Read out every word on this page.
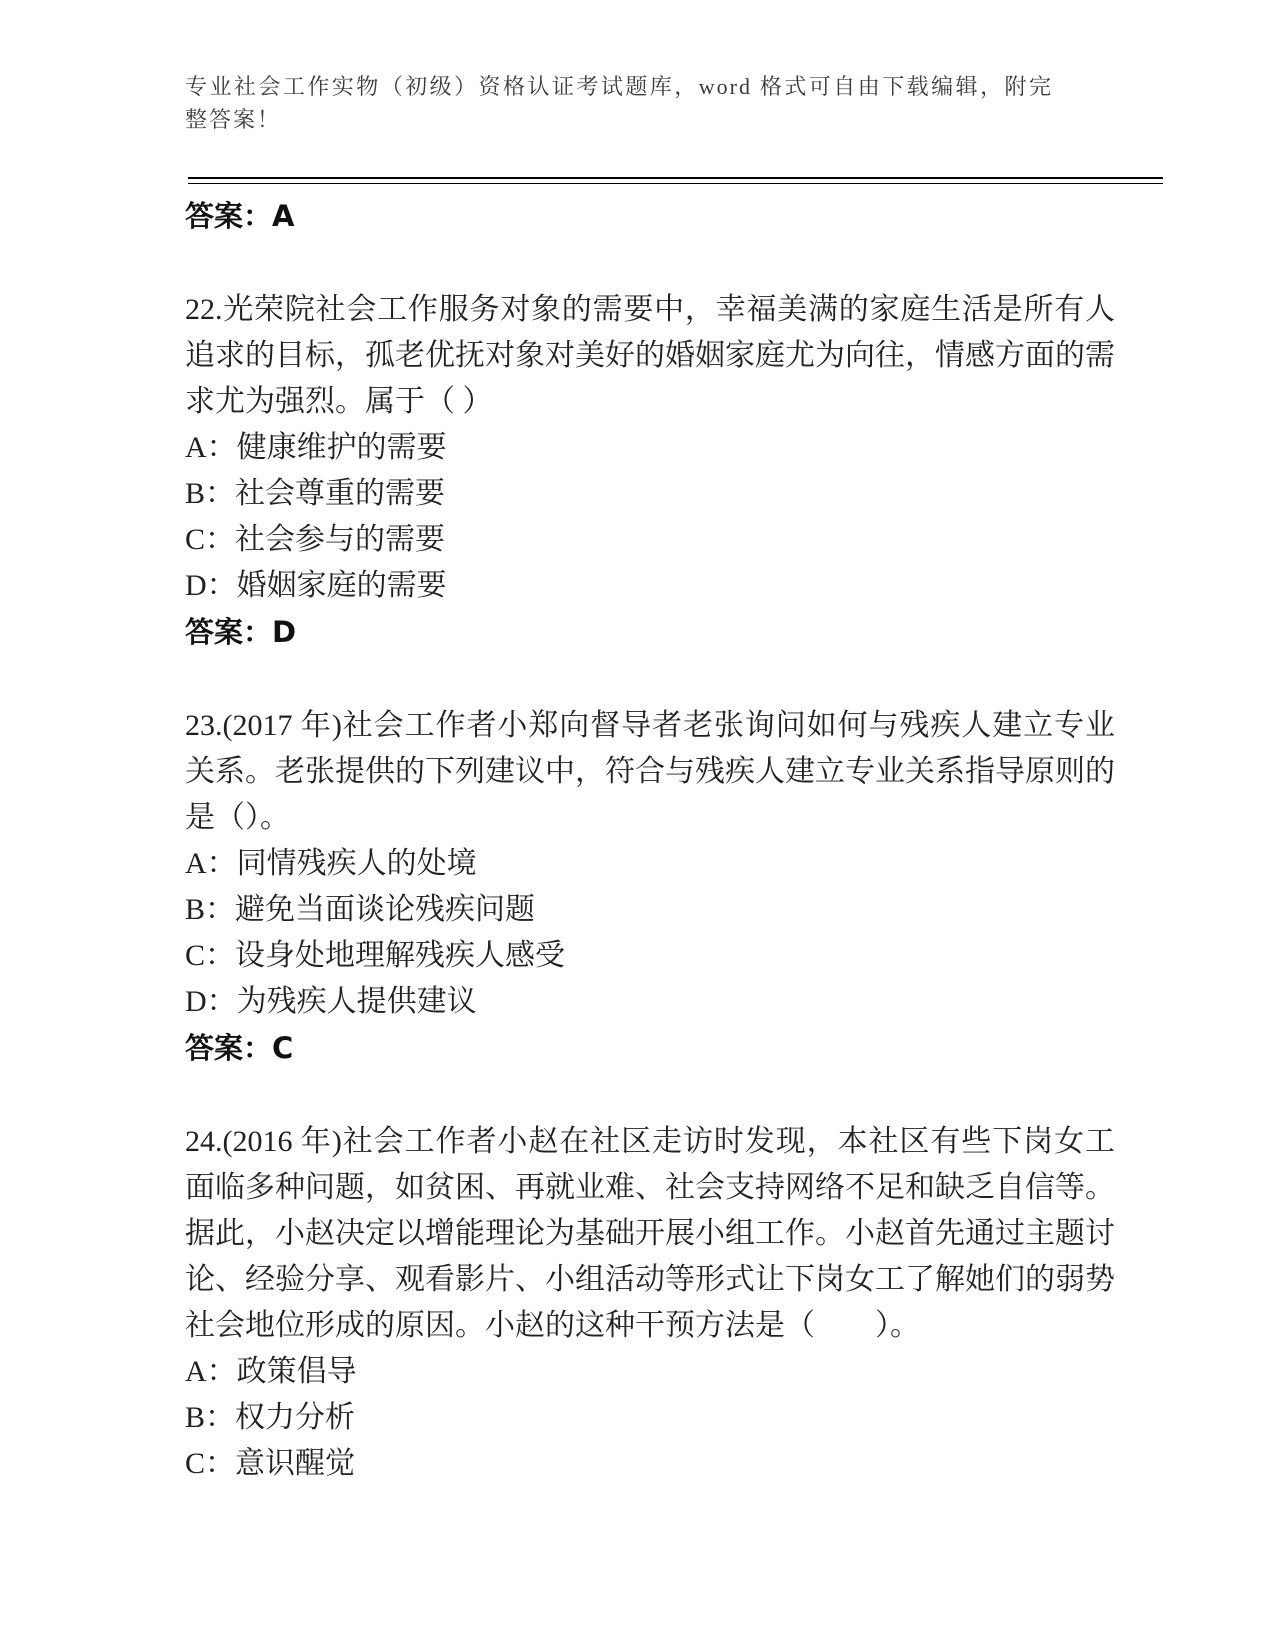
专业社会工作实物（初级）资格认证考试题库，word 格式可自由下载编辑，附完整答案！

答案：A

22.光荣院社会工作服务对象的需要中，幸福美满的家庭生活是所有人追求的目标，孤老优抚对象对美好的婚姻家庭尤为向往，情感方面的需求尤为强烈。属于（ ）

A：健康维护的需要

B：社会尊重的需要

C：社会参与的需要

D：婚姻家庭的需要

答案：D

23.(2017 年)社会工作者小郑向督导者老张询问如何与残疾人建立专业关系。老张提供的下列建议中，符合与残疾人建立专业关系指导原则的是（）。

A：同情残疾人的处境

B：避免当面谈论残疾问题

C：设身处地理解残疾人感受

D：为残疾人提供建议

答案：C

24.(2016 年)社会工作者小赵在社区走访时发现，本社区有些下岗女工面临多种问题，如贫困、再就业难、社会支持网络不足和缺乏自信等。据此，小赵决定以增能理论为基础开展小组工作。小赵首先通过主题讨论、经验分享、观看影片、小组活动等形式让下岗女工了解她们的弱势社会地位形成的原因。小赵的这种干预方法是（　　）。

A：政策倡导

B：权力分析

C：意识醒觉
